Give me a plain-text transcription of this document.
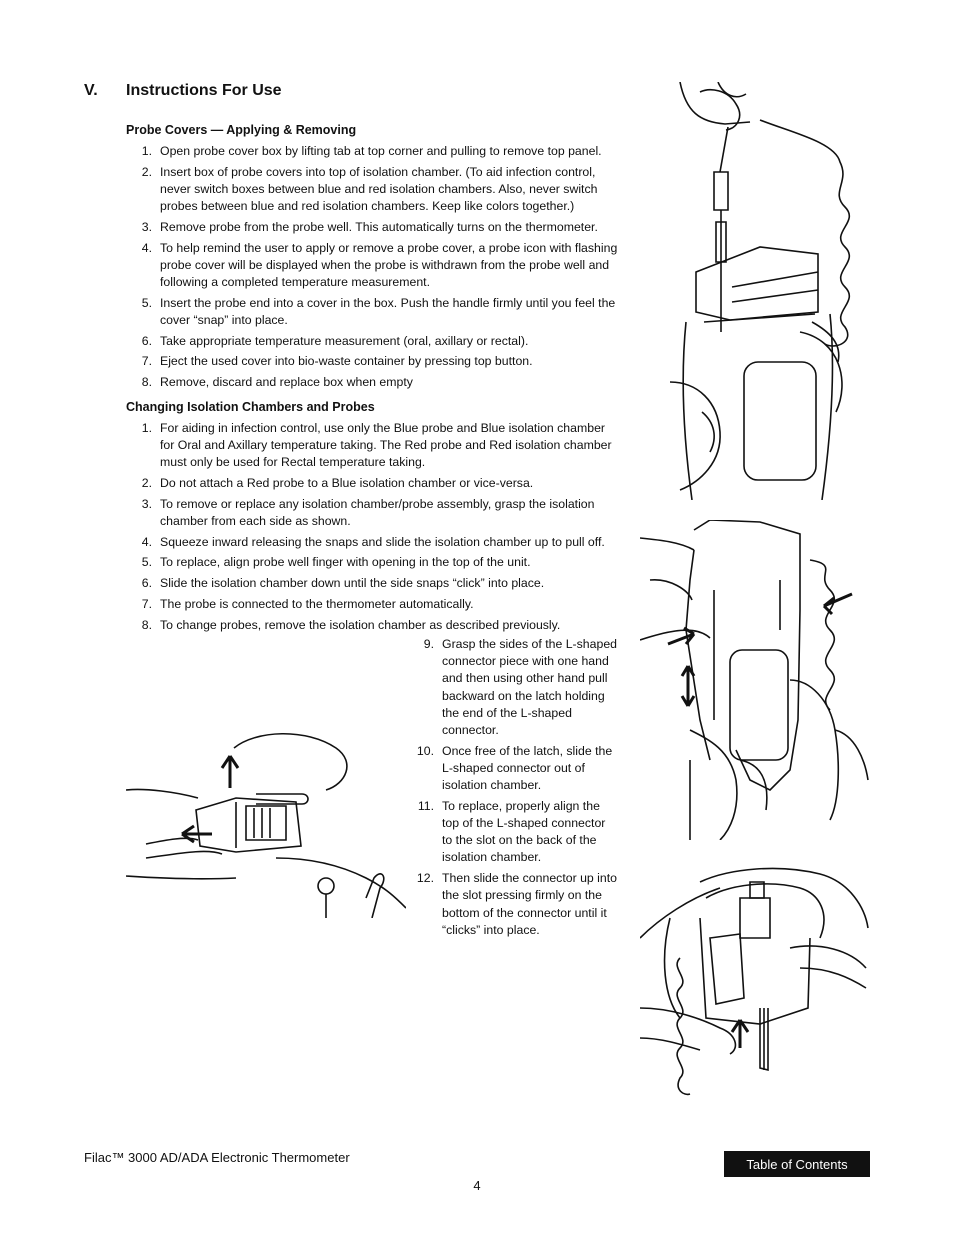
V. Instructions For Use
Probe Covers — Applying & Removing
1. Open probe cover box by lifting tab at top corner and pulling to remove top panel.
2. Insert box of probe covers into top of isolation chamber. (To aid infection control, never switch boxes between blue and red isolation chambers. Also, never switch probes between blue and red isolation chambers. Keep like colors together.)
3. Remove probe from the probe well. This automatically turns on the thermometer.
4. To help remind the user to apply or remove a probe cover, a probe icon with flashing probe cover will be displayed when the probe is withdrawn from the probe well and following a completed temperature measurement.
5. Insert the probe end into a cover in the box. Push the handle firmly until you feel the cover “snap” into place.
6. Take appropriate temperature measurement (oral, axillary or rectal).
7. Eject the used cover into bio-waste container by pressing top button.
8. Remove, discard and replace box when empty
Changing Isolation Chambers and Probes
1. For aiding in infection control, use only the Blue probe and Blue isolation chamber for Oral and Axillary temperature taking. The Red probe and Red isolation chamber must only be used for Rectal temperature taking.
2. Do not attach a Red probe to a Blue isolation chamber or vice-versa.
3. To remove or replace any isolation chamber/probe assembly, grasp the isolation chamber from each side as shown.
4. Squeeze inward releasing the snaps and slide the isolation chamber up to pull off.
5. To replace, align probe well finger with opening in the top of the unit.
6. Slide the isolation chamber down until the side snaps “click” into place.
7. The probe is connected to the thermometer automatically.
8. To change probes, remove the isolation chamber as described previously.
9. Grasp the sides of the L-shaped connector piece with one hand and then using other hand pull backward on the latch holding the end of the L-shaped connector.
10. Once free of the latch, slide the L-shaped connector out of isolation chamber.
11. To replace, properly align the top of the L-shaped connector to the slot on the back of the isolation chamber.
12. Then slide the connector up into the slot pressing firmly on the bottom of the connector until it “clicks” into place.
Filac™ 3000 AD/ADA Electronic Thermometer
4
Table of Contents
